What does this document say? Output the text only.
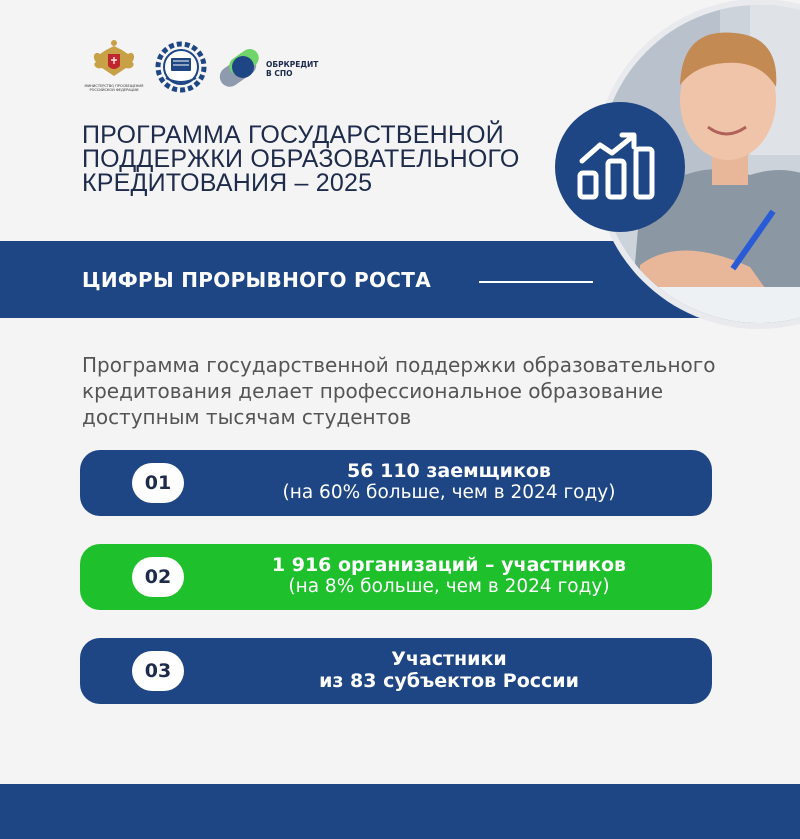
МИНИСТЕРСТВО ПРОСВЕЩЕНИЯ РОССИЙСКОЙ ФЕДЕРАЦИИ
ОБРКРЕДИТ
В СПО
ПРОГРАММА ГОСУДАРСТВЕННОЙ ПОДДЕРЖКИ ОБРАЗОВАТЕЛЬНОГО КРЕДИТОВАНИЯ – 2025
ЦИФРЫ ПРОРЫВНОГО РОСТА
Программа государственной поддержки образовательного кредитования делает профессиональное образование доступным тысячам студентов
01
56 110 заемщиков
(на 60% больше, чем в 2024 году)
02
1 916 организаций – участников
(на 8% больше, чем в 2024 году)
03
Участники
из 83 субъектов России
